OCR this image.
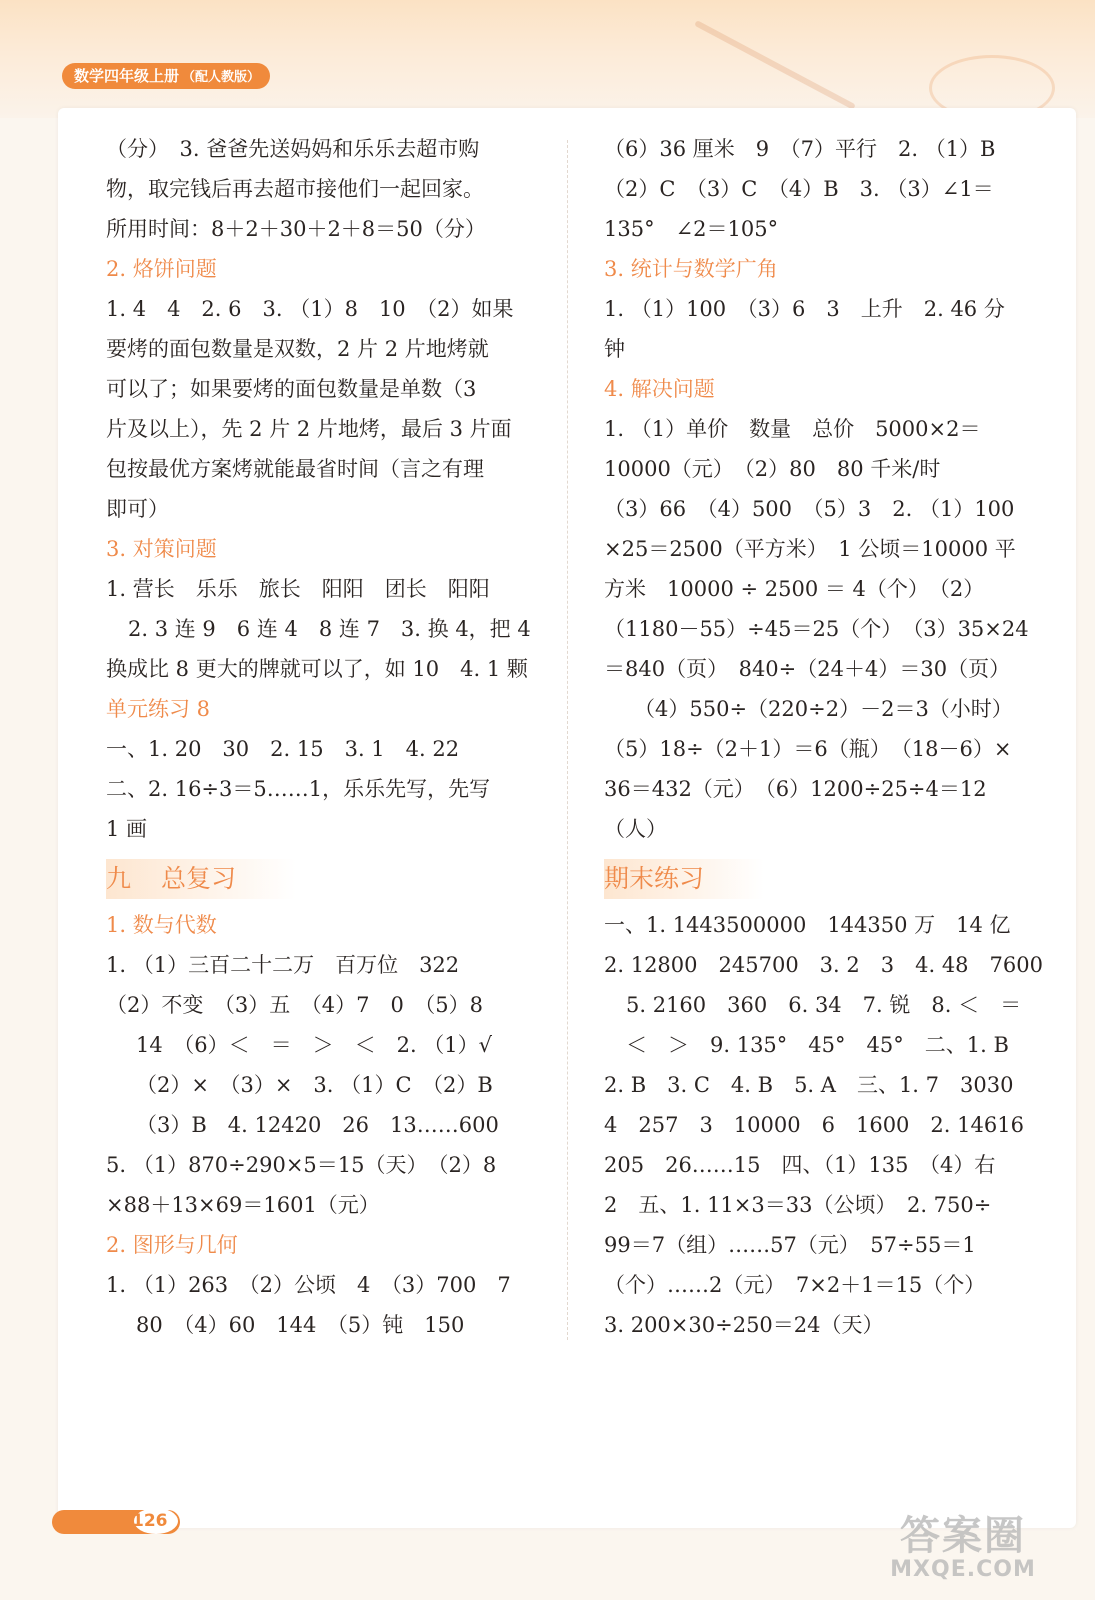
数学四年级上册 （配人教版）

（分）　3. 爸爸先送妈妈和乐乐去超市购

物，取完钱后再去超市接他们一起回家。

所用时间：8＋2＋30＋2＋8＝50（分）

2. 烙饼问题

1. 4　4　2. 6　3. （1）8　10　（2）如果

要烤的面包数量是双数，2 片 2 片地烤就

可以了；如果要烤的面包数量是单数（3

片及以上），先 2 片 2 片地烤，最后 3 片面

包按最优方案烤就能最省时间（言之有理

即可）

3. 对策问题

1. 营长　乐乐　旅长　阳阳　团长　阳阳

2. 3 连 9　6 连 4　8 连 7　3. 换 4，把 4

换成比 8 更大的牌就可以了，如 10　4. 1 颗

单元练习 8

一、1. 20　30　2. 15　3. 1　4. 22

二、2. 16÷3＝5……1，乐乐先写，先写

1 画

九 总复习

1. 数与代数

1. （1）三百二十二万　百万位　322

（2）不变　（3）五　（4）7　0　（5）8

14　（6）＜　＝　＞　＜　2. （1）√

（2）×　（3）×　3. （1）C　（2）B

（3）B　4. 12420　26　13……600

5. （1）870÷290×5＝15（天）　（2）8

×88＋13×69＝1601（元）

2. 图形与几何

1. （1）263　（2）公顷　4　（3）700　7

80　（4）60　144　（5）钝　150

（6）36 厘米　9　（7）平行　2. （1）B

（2）C　（3）C　（4）B　3. （3）∠1＝

135°　∠2＝105°

3. 统计与数学广角

1. （1）100　（3）6　3　上升　2. 46 分

钟

4. 解决问题

1. （1）单价　数量　总价　5000×2＝

10000（元）　（2）80　80 千米/时

（3）66　（4）500　（5）3　2. （1）100

×25＝2500（平方米）　1 公顷＝10000 平

方米　10000 ÷ 2500 ＝ 4（个）　（2）

（1180－55）÷45＝25（个）　（3）35×24

＝840（页）　840÷（24＋4）＝30（页）

（4）550÷（220÷2）－2＝3（小时）

（5）18÷（2＋1）＝6（瓶）　（18－6）×

36＝432（元）　（6）1200÷25÷4＝12

（人）

期末练习

一、1. 1443500000　144350 万　14 亿

2. 12800　245700　3. 2　3　4. 48　7600

5. 2160　360　6. 34　7. 锐　8. ＜　＝

＜　＞　9. 135°　45°　45°　二、1. B

2. B　3. C　4. B　5. A　三、1. 7　3030

4　257　3　10000　6　1600　2. 14616

205　26……15　四、（1）135　（4）右

2　五、1. 11×3＝33（公顷）　2. 750÷

99＝7（组）……57（元）　57÷55＝1

（个）……2（元）　7×2＋1＝15（个）

3. 200×30÷250＝24（天）

126	答案圈
MXQE.COM
